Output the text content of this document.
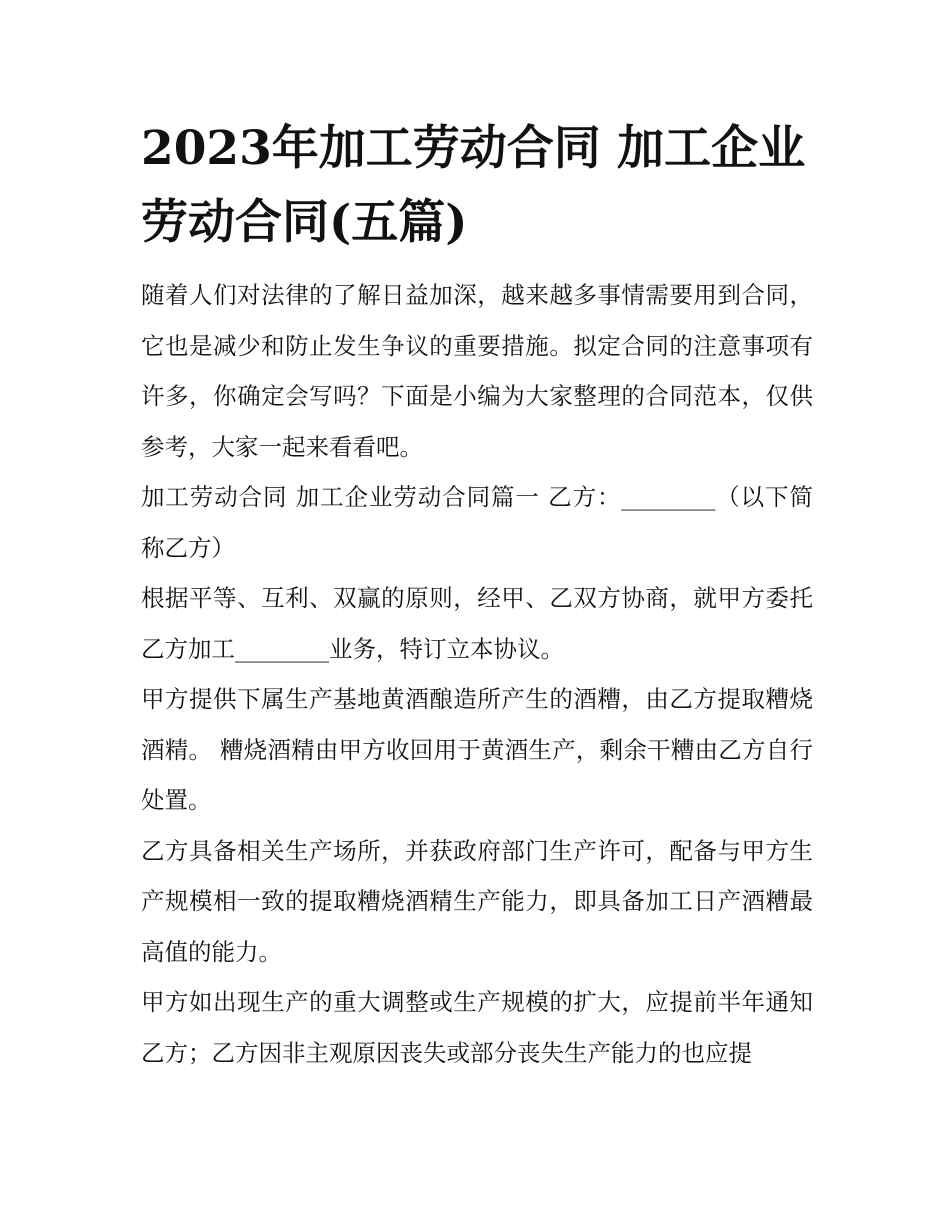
2023年加工劳动合同 加工企业劳动合同(五篇)

随着人们对法律的了解日益加深，越来越多事情需要用到合同，它也是减少和防止发生争议的重要措施。拟定合同的注意事项有许多，你确定会写吗？下面是小编为大家整理的合同范本，仅供参考，大家一起来看看吧。

加工劳动合同 加工企业劳动合同篇一 乙方：________（以下简称乙方）

根据平等、互利、双赢的原则，经甲、乙双方协商，就甲方委托乙方加工________业务，特订立本协议。

甲方提供下属生产基地黄酒酿造所产生的酒糟，由乙方提取糟烧酒精。 糟烧酒精由甲方收回用于黄酒生产，剩余干糟由乙方自行处置。

乙方具备相关生产场所，并获政府部门生产许可，配备与甲方生产规模相一致的提取糟烧酒精生产能力，即具备加工日产酒糟最高值的能力。

甲方如出现生产的重大调整或生产规模的扩大，应提前半年通知乙方；乙方因非主观原因丧失或部分丧失生产能力的也应提
